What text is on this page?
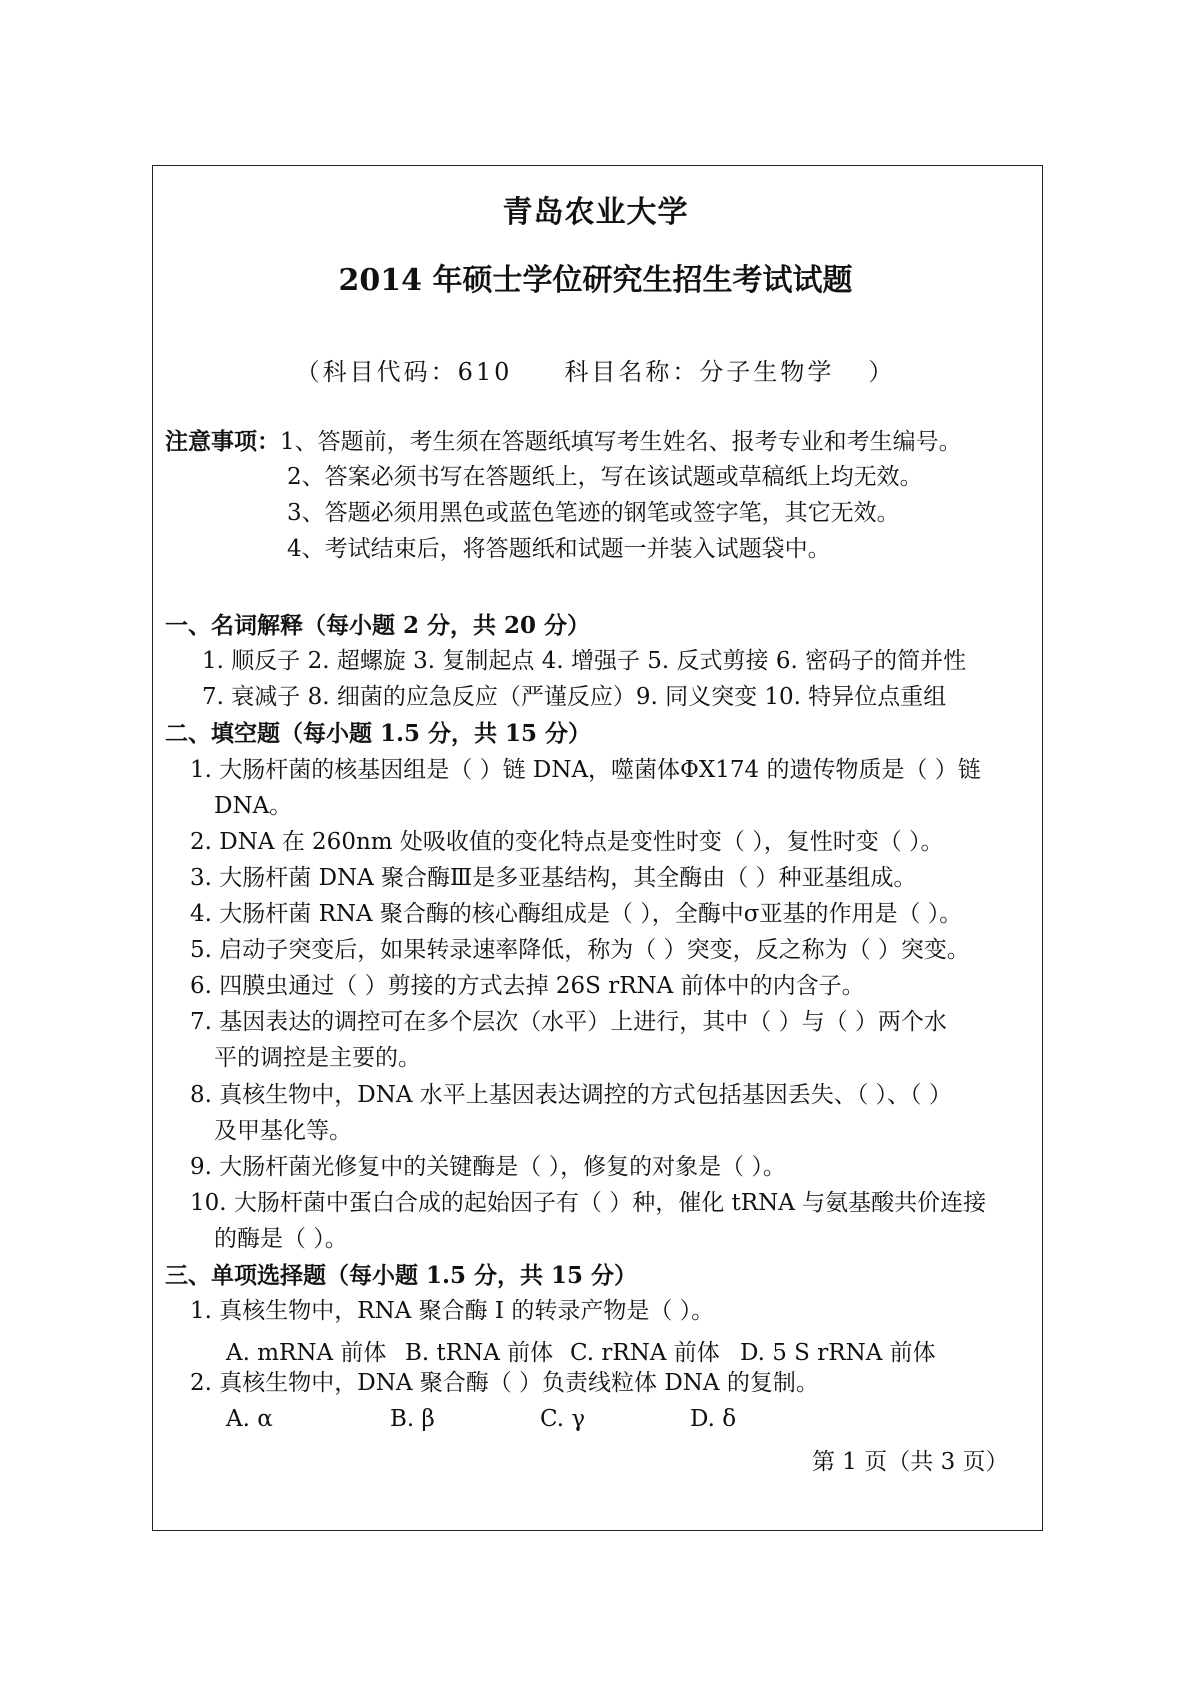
青岛农业大学
2014 年硕士学位研究生招生考试试题
（科目代码：610 科目名称：分子生物学 ）
注意事项：1、答题前，考生须在答题纸填写考生姓名、报考专业和考生编号。
2、答案必须书写在答题纸上，写在该试题或草稿纸上均无效。
3、答题必须用黑色或蓝色笔迹的钢笔或签字笔，其它无效。
4、考试结束后，将答题纸和试题一并装入试题袋中。
一、名词解释（每小题 2 分，共 20 分）
1. 顺反子 2. 超螺旋 3. 复制起点 4. 增强子 5. 反式剪接 6. 密码子的简并性
7. 衰减子 8. 细菌的应急反应（严谨反应）9. 同义突变 10. 特异位点重组
二、填空题（每小题 1.5 分，共 15 分）
1. 大肠杆菌的核基因组是（ ）链 DNA，噬菌体ΦX174 的遗传物质是（ ）链
DNA。
2. DNA 在 260nm 处吸收值的变化特点是变性时变（ ），复性时变（ ）。
3. 大肠杆菌 DNA 聚合酶Ⅲ是多亚基结构，其全酶由（ ）种亚基组成。
4. 大肠杆菌 RNA 聚合酶的核心酶组成是（ ），全酶中σ亚基的作用是（ ）。
5. 启动子突变后，如果转录速率降低，称为（ ）突变，反之称为（ ）突变。
6. 四膜虫通过（ ）剪接的方式去掉 26S rRNA 前体中的内含子。
7. 基因表达的调控可在多个层次（水平）上进行，其中（ ）与（ ）两个水
平的调控是主要的。
8. 真核生物中，DNA 水平上基因表达调控的方式包括基因丢失、（ ）、（ ）
及甲基化等。
9. 大肠杆菌光修复中的关键酶是（ ），修复的对象是（ ）。
10. 大肠杆菌中蛋白合成的起始因子有（ ）种，催化 tRNA 与氨基酸共价连接
的酶是（ ）。
三、单项选择题（每小题 1.5 分，共 15 分）
1. 真核生物中，RNA 聚合酶 I 的转录产物是（ ）。
A. mRNA 前体 B. tRNA 前体 C. rRNA 前体 D. 5 S rRNA 前体
2. 真核生物中，DNA 聚合酶（ ）负责线粒体 DNA 的复制。
A. α	B. β	C. γ	D. δ
第 1 页（共 3 页）
